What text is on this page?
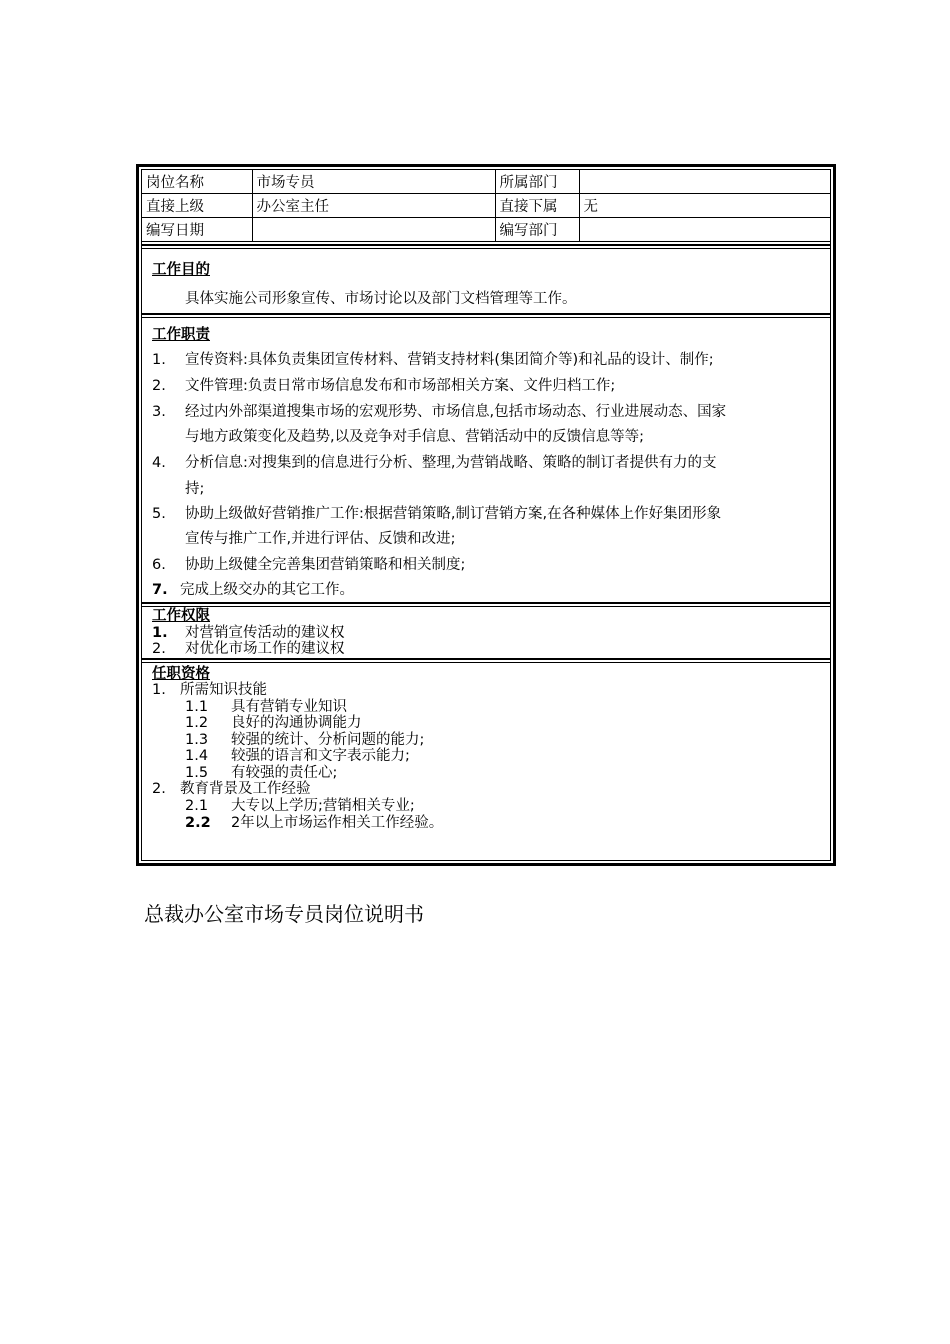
岗位名称	市场专员	所属部门	
直接上级	办公室主任	直接下属	无
编写日期		编写部门	
工作目的
具体实施公司形象宣传、市场讨论以及部门文档管理等工作。
工作职责
1. 宣传资料:具体负责集团宣传材料、营销支持材料(集团简介等)和礼品的设计、制作;
2. 文件管理:负责日常市场信息发布和市场部相关方案、文件归档工作;
3. 经过内外部渠道搜集市场的宏观形势、市场信息,包括市场动态、行业进展动态、国家
与地方政策变化及趋势,以及竞争对手信息、营销活动中的反馈信息等等;
4. 分析信息:对搜集到的信息进行分析、整理,为营销战略、策略的制订者提供有力的支
持;
5. 协助上级做好营销推广工作:根据营销策略,制订营销方案,在各种媒体上作好集团形象
宣传与推广工作,并进行评估、反馈和改进;
6. 协助上级健全完善集团营销策略和相关制度;
7. 完成上级交办的其它工作。
工作权限
1. 对营销宣传活动的建议权
2. 对优化市场工作的建议权
任职资格
1. 所需知识技能
1.1 具有营销专业知识
1.2 良好的沟通协调能力
1.3 较强的统计、分析问题的能力;
1.4 较强的语言和文字表示能力;
1.5 有较强的责任心;
2. 教育背景及工作经验
2.1 大专以上学历;营销相关专业;
2.2 2年以上市场运作相关工作经验。
总裁办公室市场专员岗位说明书
